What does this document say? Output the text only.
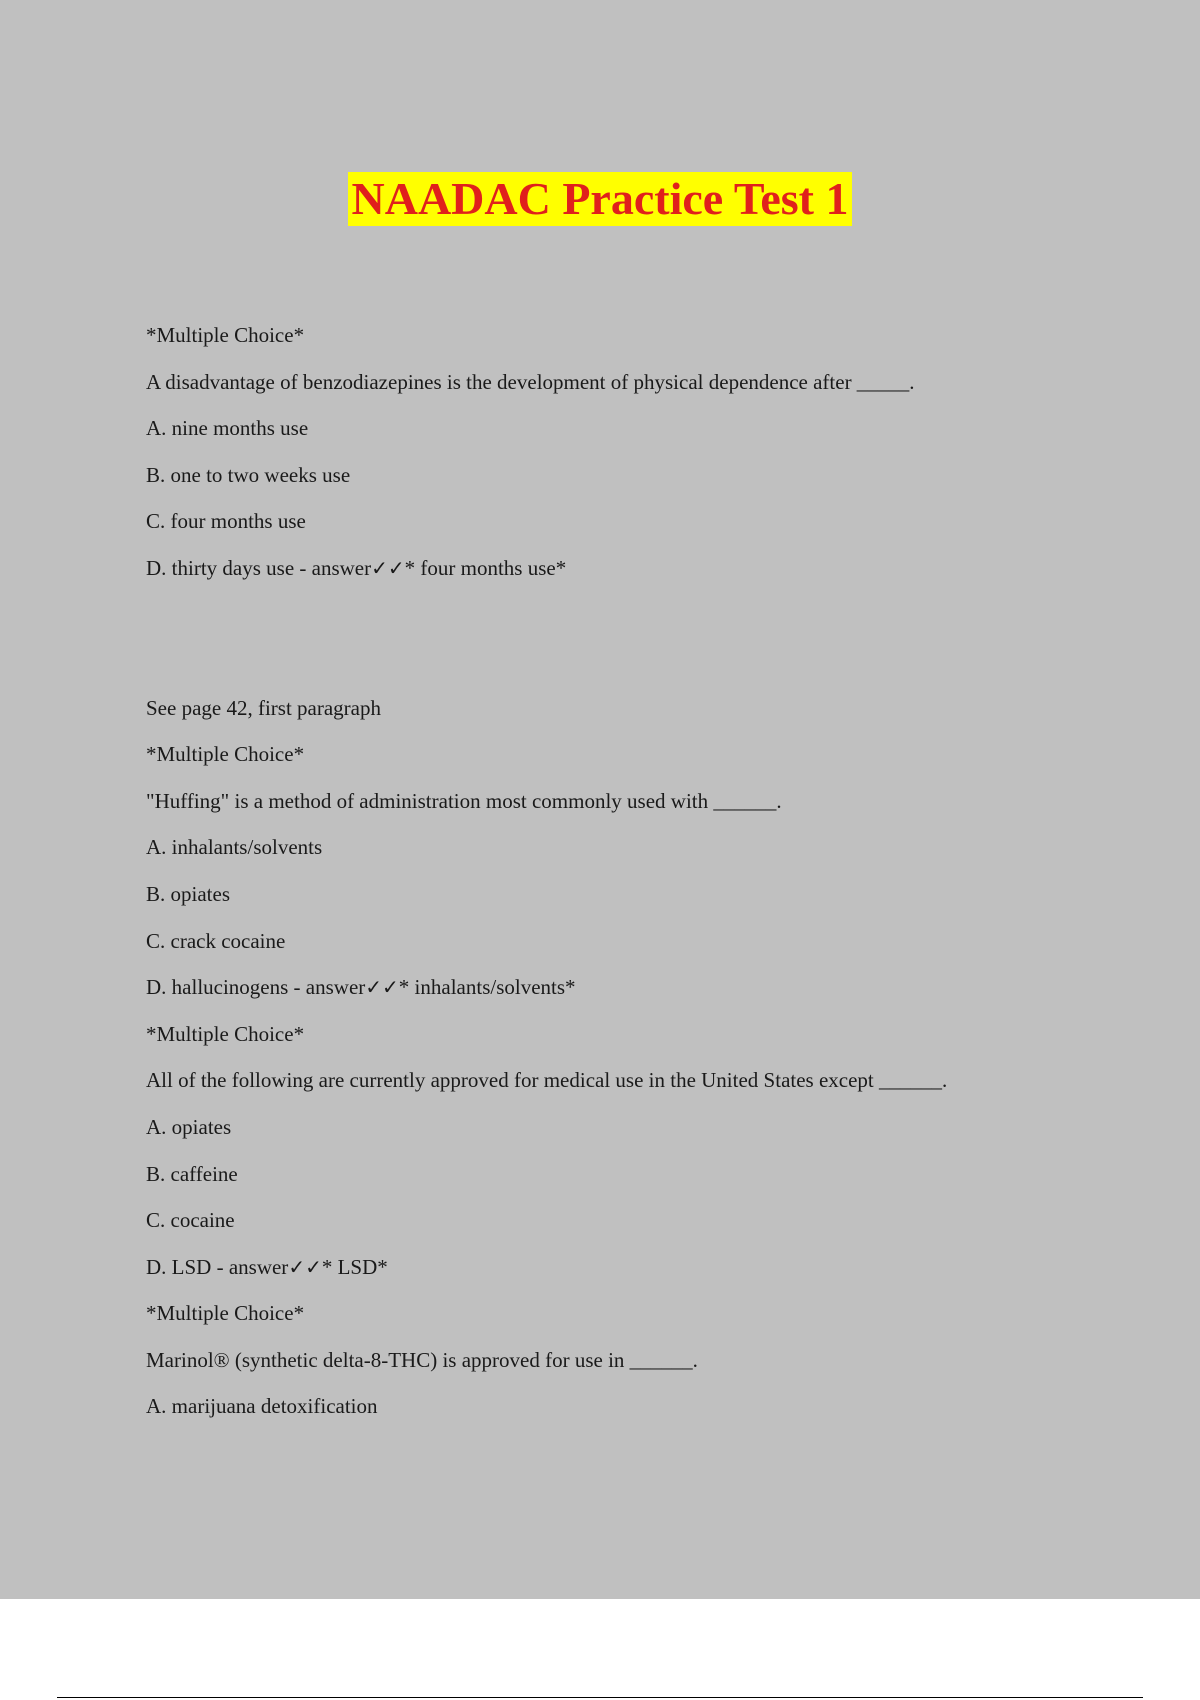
NAADAC Practice Test 1
*Multiple Choice*
A disadvantage of benzodiazepines is the development of physical dependence after _____.
A. nine months use
B. one to two weeks use
C. four months use
D. thirty days use - answer✓✓* four months use*
See page 42, first paragraph
*Multiple Choice*
"Huffing" is a method of administration most commonly used with ______.
A. inhalants/solvents
B. opiates
C. crack cocaine
D. hallucinogens - answer✓✓* inhalants/solvents*
*Multiple Choice*
All of the following are currently approved for medical use in the United States except ______.
A. opiates
B. caffeine
C. cocaine
D. LSD - answer✓✓* LSD*
*Multiple Choice*
Marinol® (synthetic delta-8-THC) is approved for use in ______.
A. marijuana detoxification
